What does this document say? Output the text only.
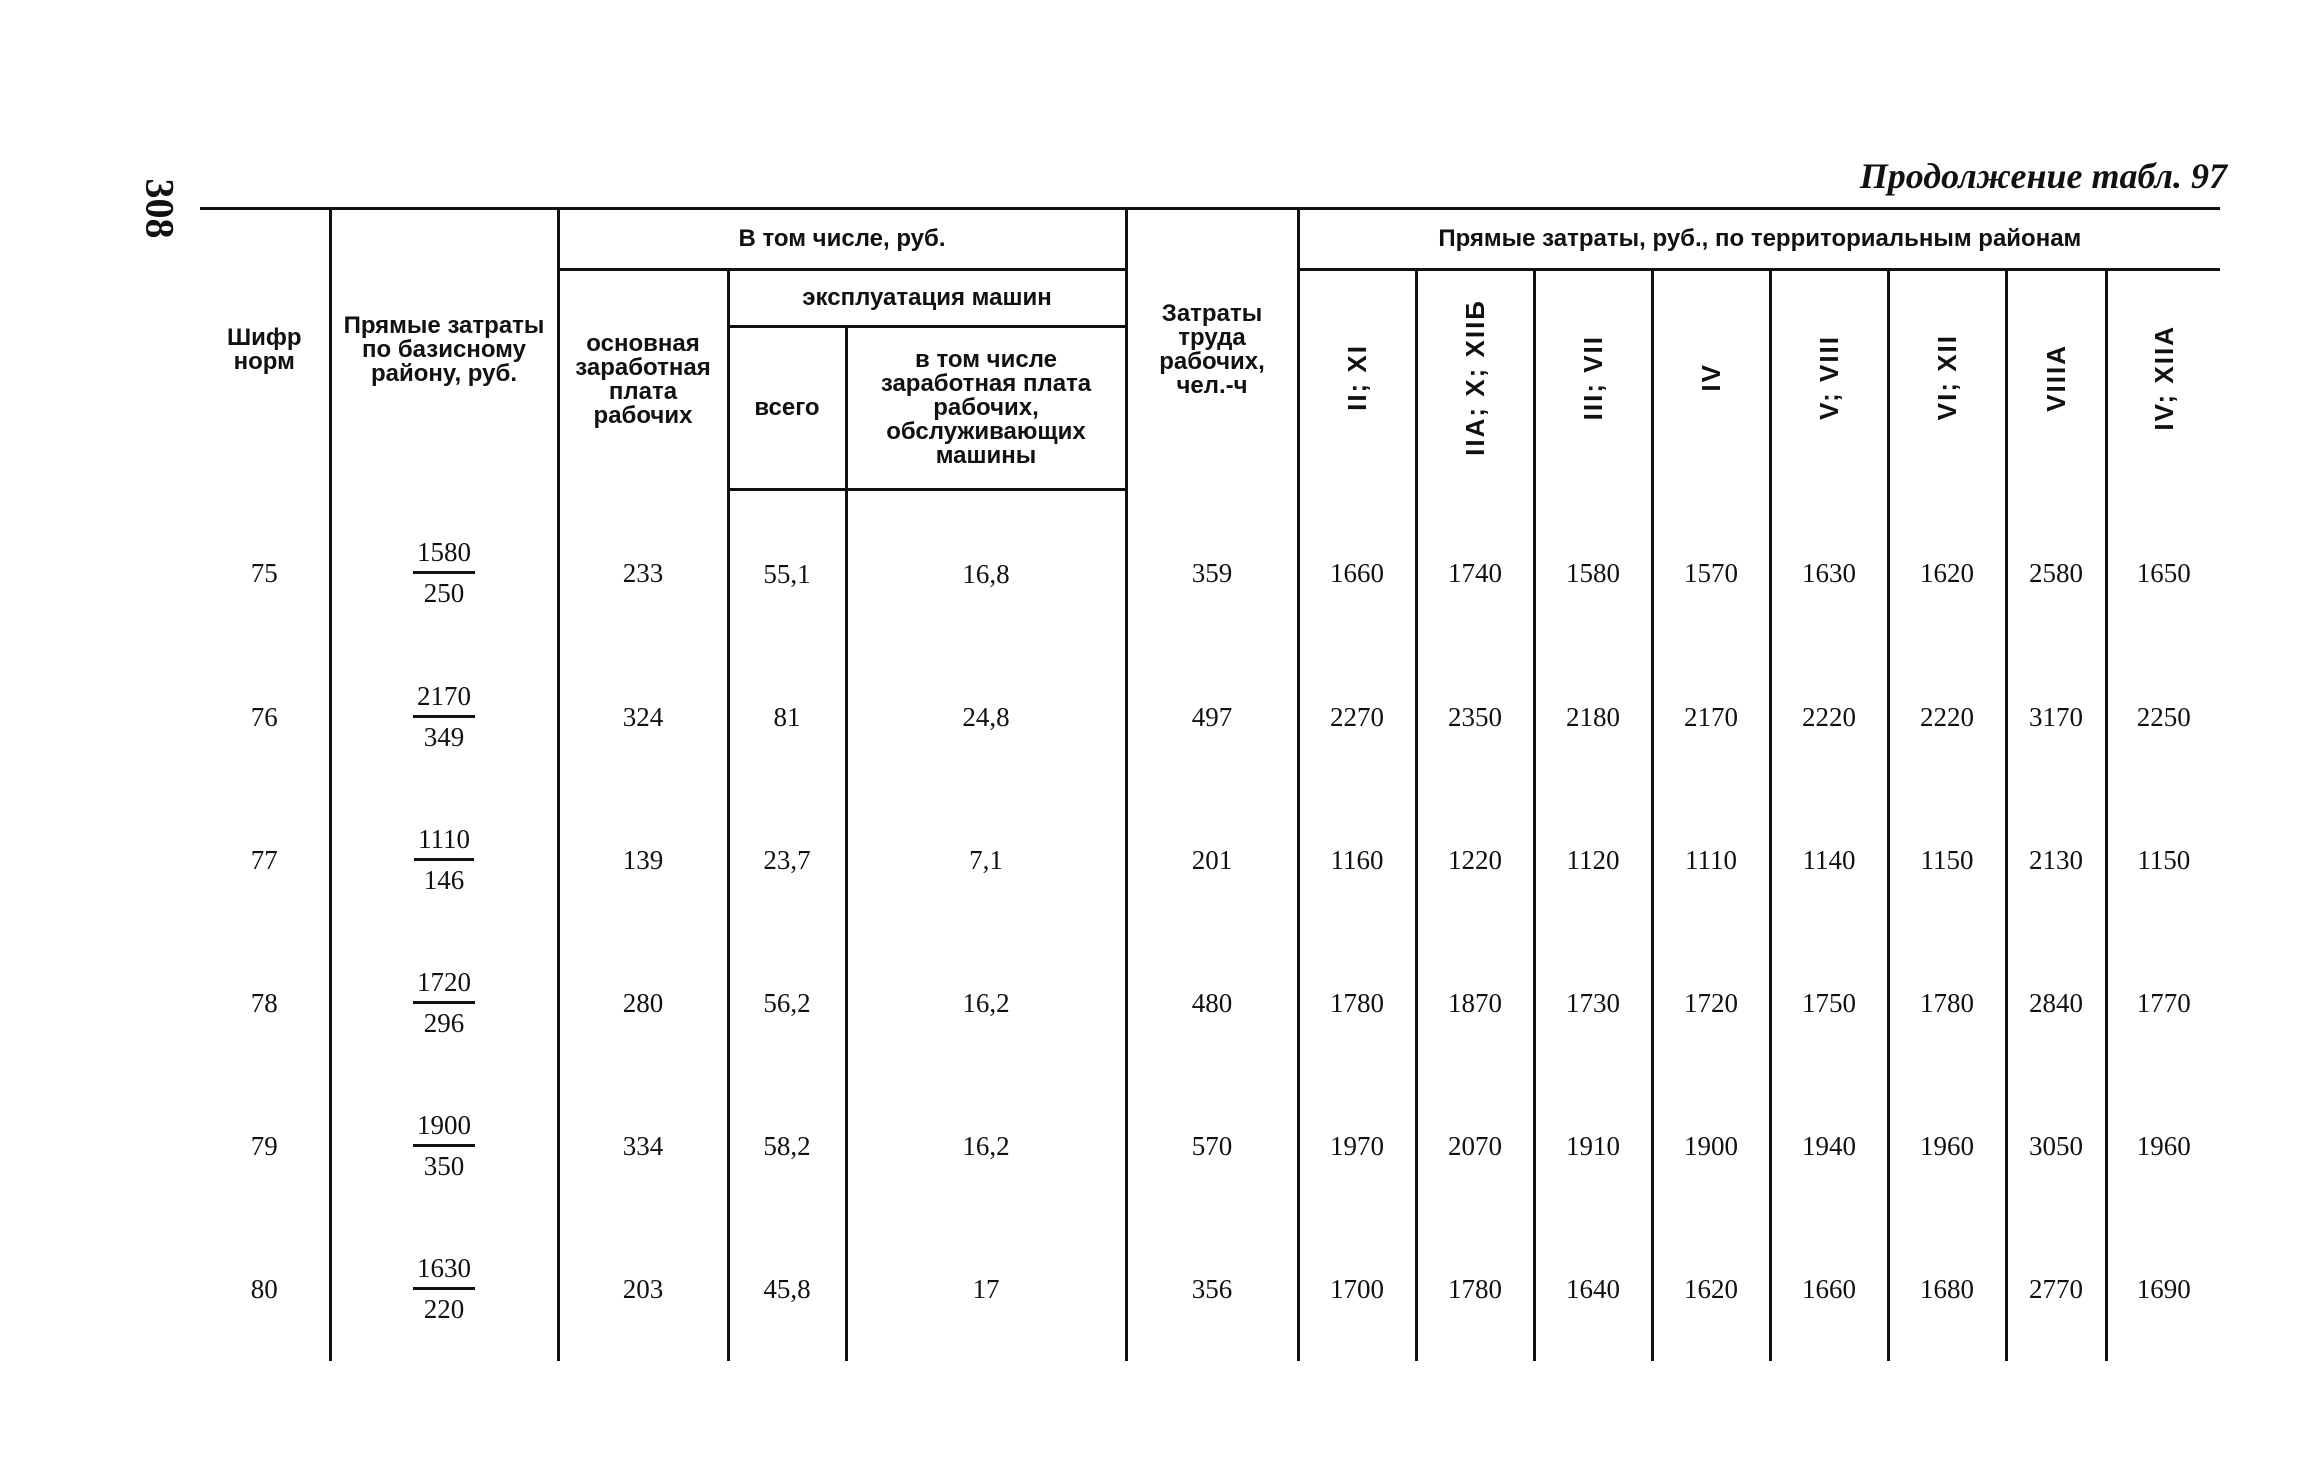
308
Продолжение табл. 97
Шифр норм	Прямые затраты по базисному району, руб.	В том числе, руб.			Затраты труда рабочих, чел.-ч	Прямые затраты, руб., по территориальным районам							
		основная заработная плата рабочих	эксплуатация машин			II; XI	IIA; X; XIIБ	III; VII	IV	V; VIII	VI; XII	VIIIA	IV; XIIA
			всего	в том числе заработная плата рабочих, обслуживающих машины									
75	$\frac{1580}{250}$	233	55,1	16,8	359	1660	1740	1580	1570	1630	1620	2580	1650
76	$\frac{2170}{349}$	324	81	24,8	497	2270	2350	2180	2170	2220	2220	3170	2250
77	$\frac{1110}{146}$	139	23,7	7,1	201	1160	1220	1120	1110	1140	1150	2130	1150
78	$\frac{1720}{296}$	280	56,2	16,2	480	1780	1870	1730	1720	1750	1780	2840	1770
79	$\frac{1900}{350}$	334	58,2	16,2	570	1970	2070	1910	1900	1940	1960	3050	1960
80	$\frac{1630}{220}$	203	45,8	17	356	1700	1780	1640	1620	1660	1680	2770	1690
